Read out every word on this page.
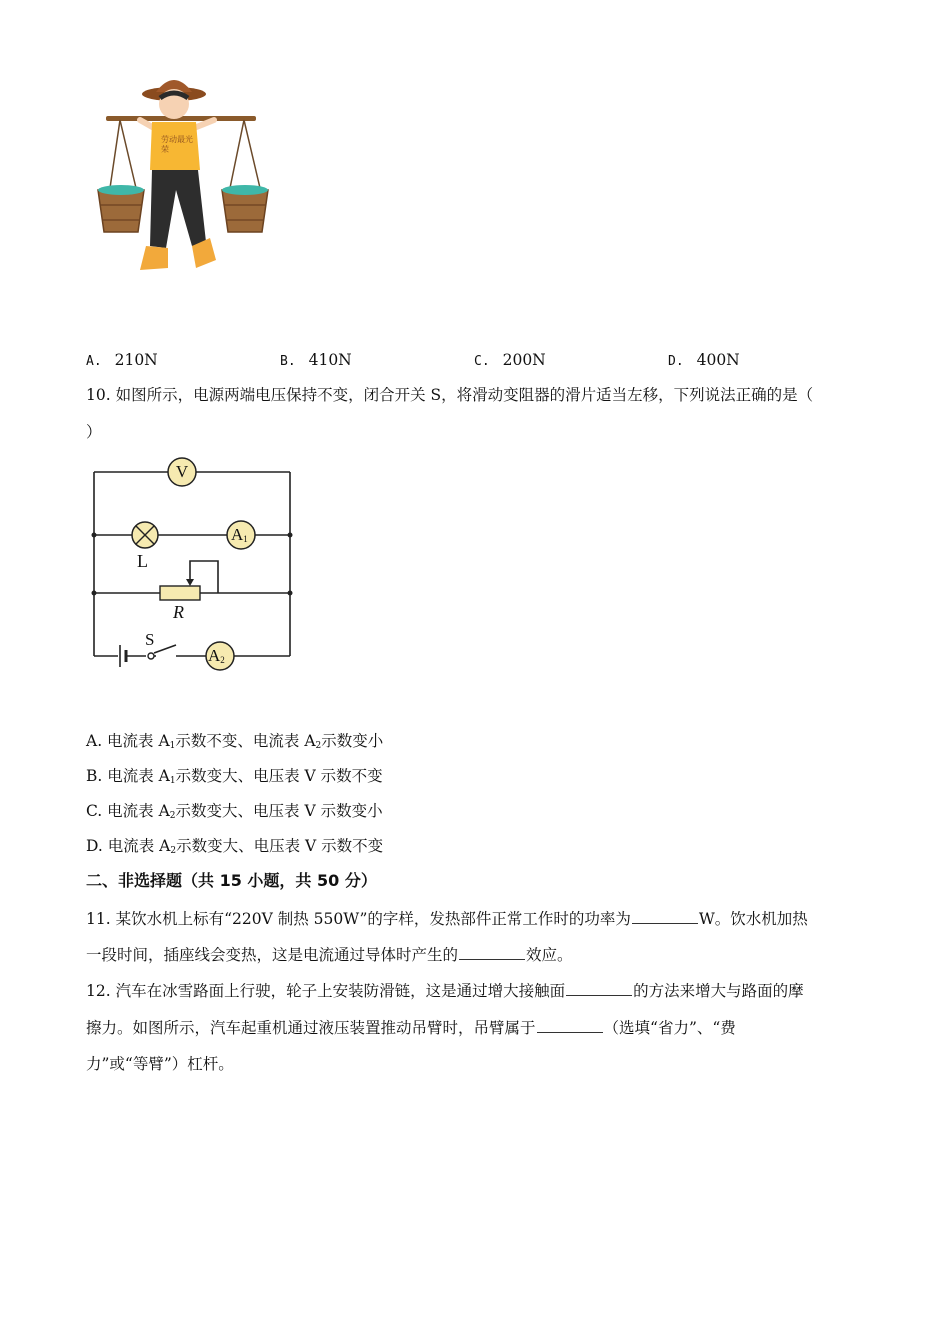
劳动最光荣
A. 210N	B. 410N	C. 200N	D. 400N
10. 如图所示，电源两端电压保持不变，闭合开关 S，将滑动变阻器的滑片适当左移，下列说法正确的是（
）
V
$A_1$
L
R
S
$A_2$
A. 电流表 $A_1$示数不变、电流表 $A_2$示数变小
B. 电流表 $A_1$示数变大、电压表 V 示数不变
C. 电流表 $A_2$示数变大、电压表 V 示数变小
D. 电流表 $A_2$示数变大、电压表 V 示数不变
二、非选择题（共 15 小题，共 50 分）
11. 某饮水机上标有“220V 制热 550W”的字样，发热部件正常工作时的功率为	W。饮水机加热
一段时间，插座线会变热，这是电流通过导体时产生的	效应。
12. 汽车在冰雪路面上行驶，轮子上安装防滑链，这是通过增大接触面	的方法来增大与路面的摩
擦力。如图所示，汽车起重机通过液压装置推动吊臂时，吊臂属于	（选填“省力”、“费
力”或“等臂”）杠杆。
